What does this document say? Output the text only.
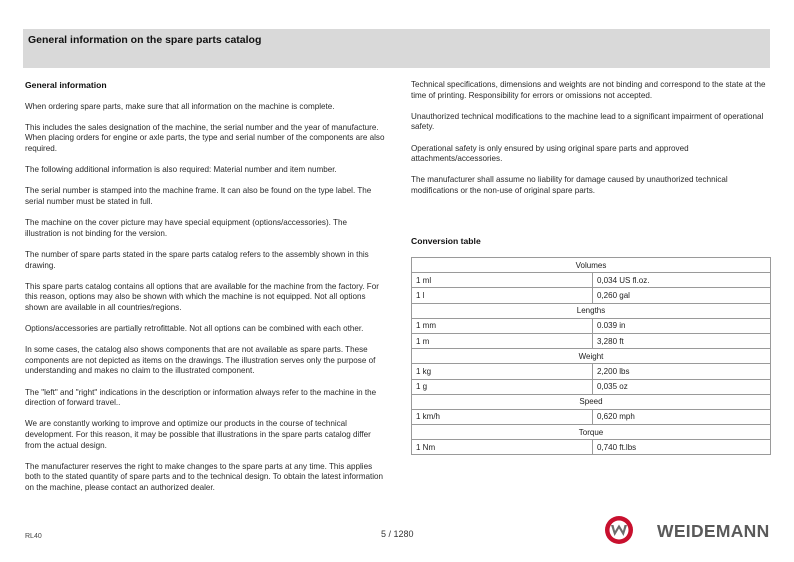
General information on the spare parts catalog
General information

When ordering spare parts, make sure that all information on the machine is complete.

This includes the sales designation of the machine, the serial number and the year of manufacture. When placing orders for engine or axle parts, the type and serial number of the components are also required.

The following additional information is also required: Material number and item number.

The serial number is stamped into the machine frame. It can also be found on the type label. The serial number must be stated in full.

The machine on the cover picture may have special equipment (options/accessories). The illustration is not binding for the version.

The number of spare parts stated in the spare parts catalog refers to the assembly shown in this drawing.

This spare parts catalog contains all options that are available for the machine from the factory. For this reason, options may also be shown with which the machine is not equipped. Not all options shown are available in all countries/regions.

Options/accessories are partially retrofittable. Not all options can be combined with each other.

In some cases, the catalog also shows components that are not available as spare parts. These components are not depicted as items on the drawings. The illustration serves only the purpose of understanding and makes no claim to the illustrated component.

The "left" and "right" indications in the description or information always refer to the machine in the direction of forward travel..

We are constantly working to improve and optimize our products in the course of technical development. For this reason, it may be possible that illustrations in the spare parts catalog differ from the actual design.

The manufacturer reserves the right to make changes to the spare parts at any time. This applies both to the stated quantity of spare parts and to the technical design. To obtain the latest information on the machine, please contact an authorized dealer.

Technical specifications, dimensions and weights are not binding and correspond to the state at the time of printing. Responsibility for errors or omissions not accepted.

Unauthorized technical modifications to the machine lead to a significant impairment of operational safety.

Operational safety is only ensured by using original spare parts and approved attachments/accessories.

The manufacturer shall assume no liability for damage caused by unauthorized technical modifications or the non-use of original spare parts.

Conversion table
Volumes	
1 ml	0,034 US fl.oz.
1 l	0,260 gal
Lengths	
1 mm	0.039 in
1 m	3,280 ft
Weight	
1 kg	2,200 lbs
1 g	0,035 oz
Speed	
1 km/h	0,620 mph
Torque	
1 Nm	0,740 ft.lbs
RL40	5 / 1280	WEIDEMANN
